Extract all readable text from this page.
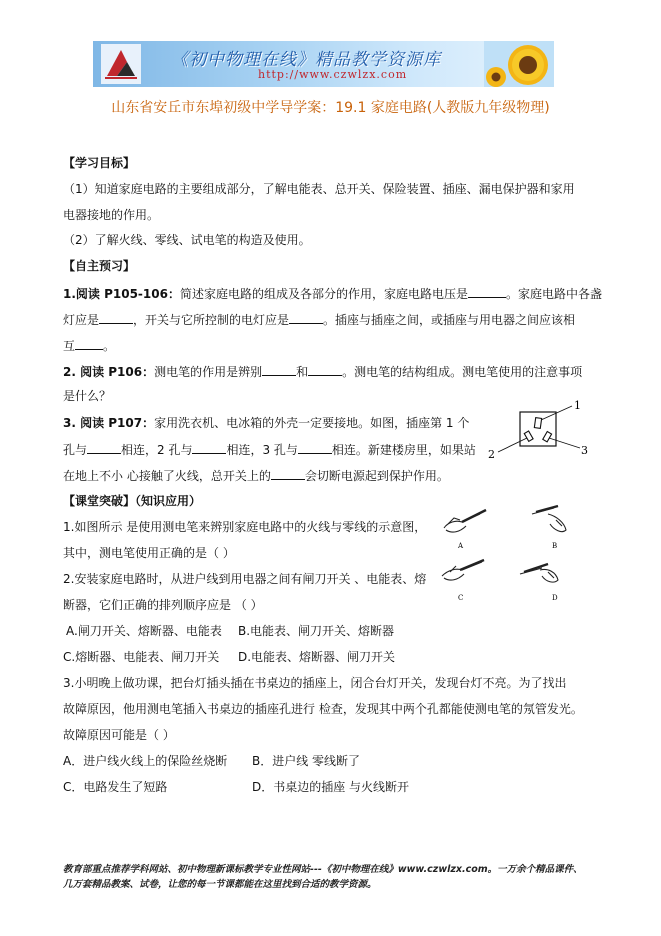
《初中物理在线》精品教学资源库
http://www.czwlzx.com
山东省安丘市东埠初级中学导学案：19.1 家庭电路(人教版九年级物理)
【学习目标】
（1）知道家庭电路的主要组成部分，了解电能表、总开关、保险装置、插座、漏电保护器和家用
电器接地的作用。
（2）了解火线、零线、试电笔的构造及使用。
【自主预习】
1.阅读 P105-106：简述家庭电路的组成及各部分的作用，家庭电路电压是	。家庭电路中各盏
灯应是	，开关与它所控制的电灯应是	。插座与插座之间，或插座与用电器之间应该相
互 。
2. 阅读 P106：测电笔的作用是辨别	和	。测电笔的结构组成。测电笔使用的注意事项
是什么？
3. 阅读 P107：家用洗衣机、电冰箱的外壳一定要接地。如图，插座第 1 个
孔与	相连，2 孔与	相连，3 孔与	相连。新建楼房里，如果站
在地上不小 心接触了火线，总开关上的	会切断电源起到保护作用。
1
2	3
【课堂突破】（知识应用）
1.如图所示 是使用测电笔来辨别家庭电路中的火线与零线的示意图，
其中，测电笔使用正确的是（ ）
2.安装家庭电路时，从进户线到用电器之间有闸刀开关 、电能表、熔
断器，它们正确的排列顺序应是 （ ）
A.闸刀开关、熔断器、电能表 B.电能表、闸刀开关、熔断器
C.熔断器、电能表、闸刀开关 D.电能表、熔断器、闸刀开关
3.小明晚上做功课，把台灯插头插在书桌边的插座上，闭合台灯开关，发现台灯不亮。为了找出
故障原因，他用测电笔插入书桌边的插座孔进行 检查，发现其中两个孔都能使测电笔的氖管发光。
故障原因可能是（ ）
A．进户线火线上的保险丝烧断 B．进户线 零线断了
C．电路发生了短路	D．书桌边的插座 与火线断开
A	B
C	D
教育部重点推荐学科网站、初中物理新课标教学专业性网站---《初中物理在线》www.czwlzx.com。一万余个精品课件、
几万套精品教案、试卷，让您的每一节课都能在这里找到合适的教学资源。
